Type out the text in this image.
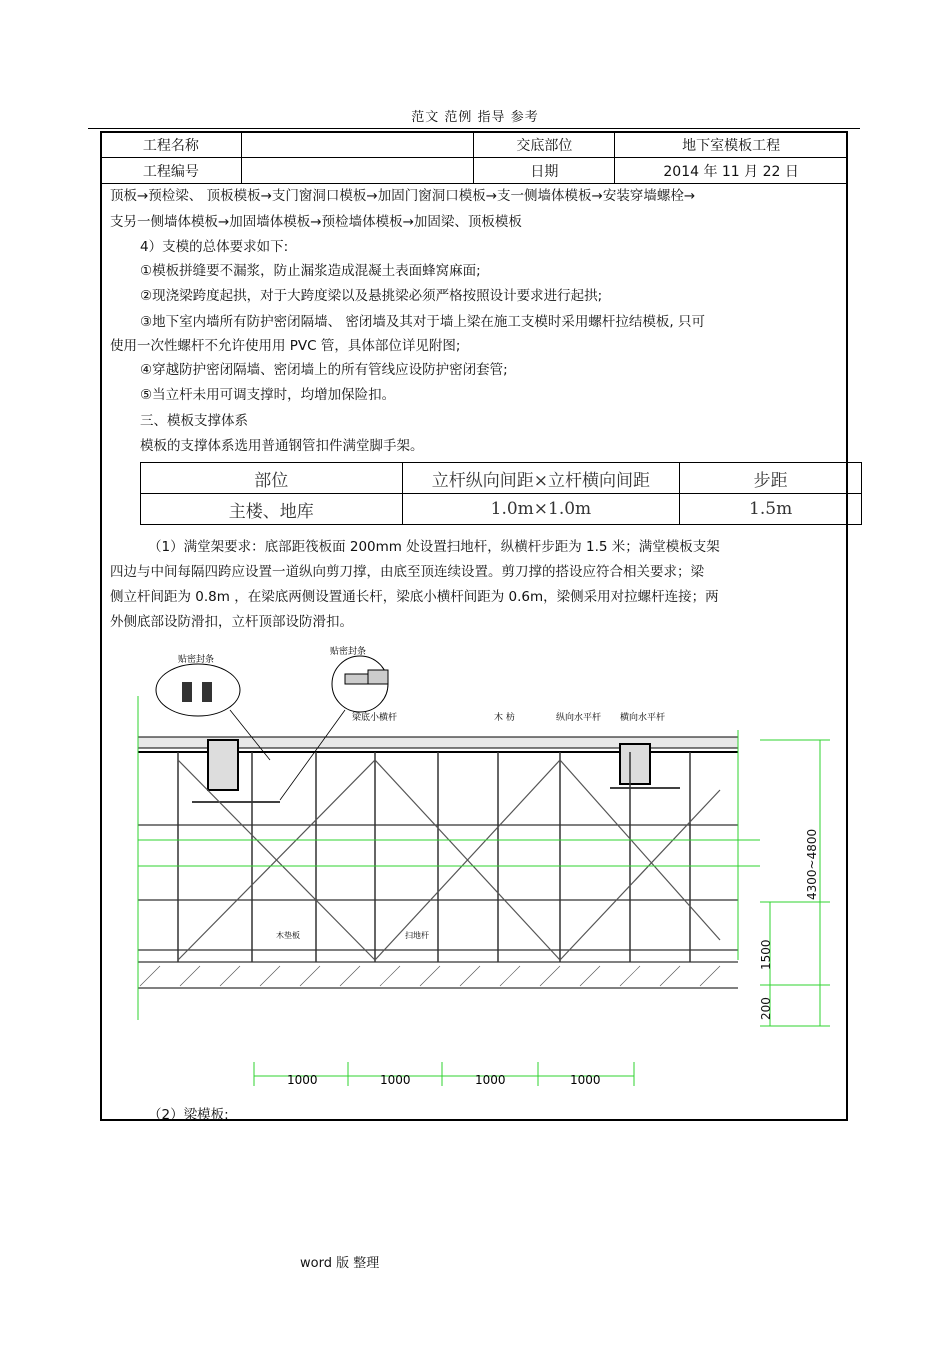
范文 范例 指导 参考
工程名称		交底部位	地下室模板工程
工程编号		日期	2014 年 11 月 22 日
顶板→预检梁、 顶板模板→支门窗洞口模板→加固门窗洞口模板→支一侧墙体模板→安装穿墙螺栓→
支另一侧墙体模板→加固墙体模板→预检墙体模板→加固梁、顶板模板
4）支模的总体要求如下:
①模板拼缝要不漏浆，防止漏浆造成混凝土表面蜂窝麻面;
②现浇梁跨度起拱，对于大跨度梁以及悬挑梁必须严格按照设计要求进行起拱;
③地下室内墙所有防护密闭隔墙、 密闭墙及其对于墙上梁在施工支模时采用螺杆拉结模板, 只可
使用一次性螺杆不允许使用用 PVC 管，具体部位详见附图;
④穿越防护密闭隔墙、密闭墙上的所有管线应设防护密闭套管;
⑤当立杆未用可调支撑时，均增加保险扣。
三、模板支撑体系
模板的支撑体系选用普通钢管扣件满堂脚手架。
部位	立杆纵向间距×立杆横向间距	步距
主楼、地库	1.0m×1.0m	1.5m
（1）满堂架要求：底部距筏板面 200mm 处设置扫地杆，纵横杆步距为 1.5 米；满堂模板支架
四边与中间每隔四跨应设置一道纵向剪刀撑，由底至顶连续设置。剪刀撑的搭设应符合相关要求；梁
侧立杆间距为 0.8m ，在梁底两侧设置通长杆，梁底小横杆间距为 0.6m，梁侧采用对拉螺杆连接；两
外侧底部设防滑扣，立杆顶部设防滑扣。
贴密封条
贴密封条
梁底小横杆	木 枋	纵向水平杆 横向水平杆
木垫板	扫地杆
4300~4800
1500
200
1000	1000	1000	1000
（2）梁模板:
word 版 整理
